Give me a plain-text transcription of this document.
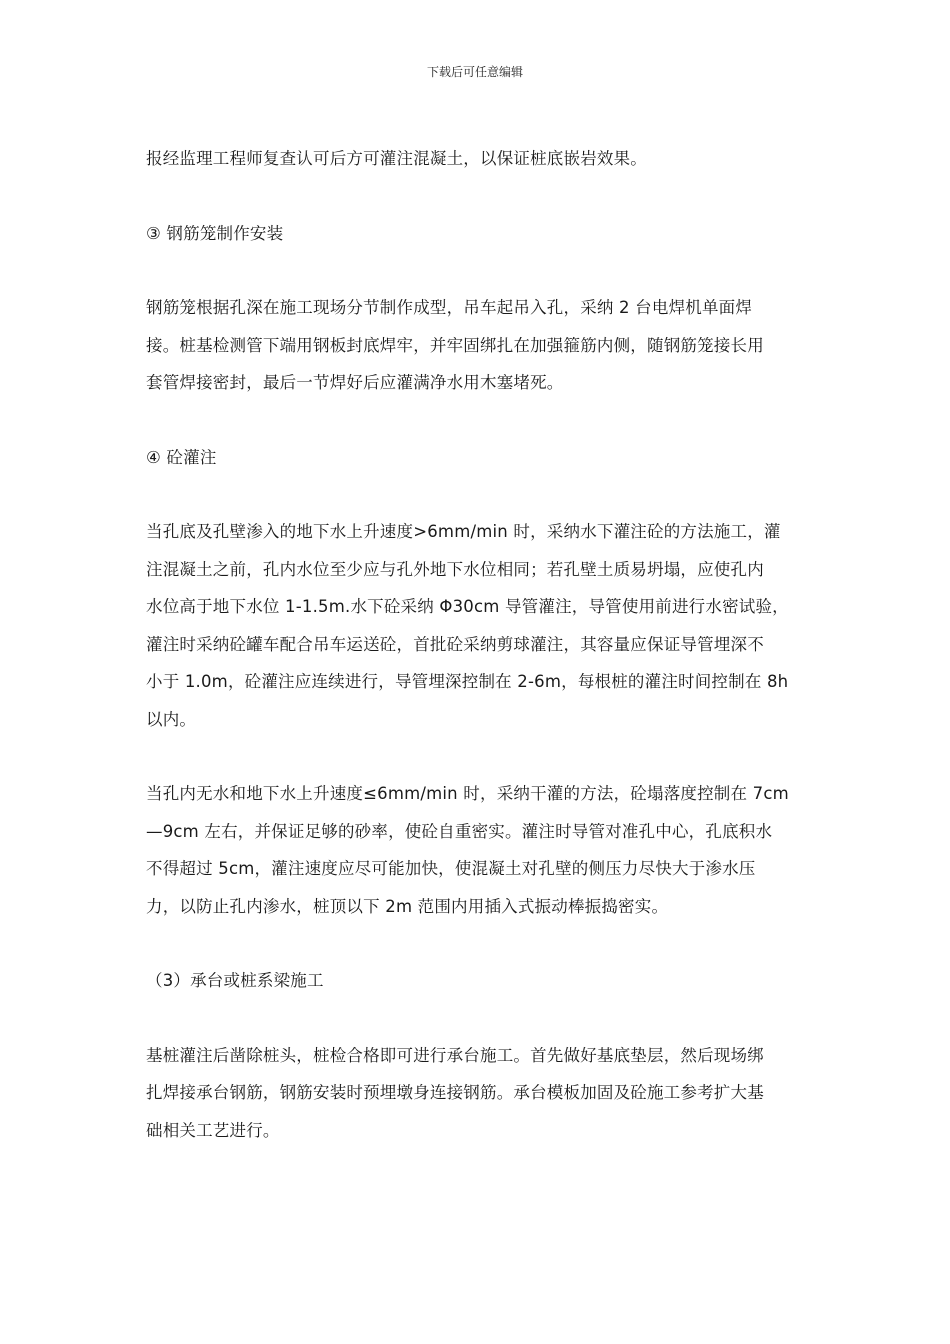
下载后可任意编辑

报经监理工程师复查认可后方可灌注混凝土，以保证桩底嵌岩效果。

③ 钢筋笼制作安装

钢筋笼根据孔深在施工现场分节制作成型，吊车起吊入孔，采纳 2 台电焊机单面焊
接。桩基检测管下端用钢板封底焊牢，并牢固绑扎在加强箍筋内侧，随钢筋笼接长用
套管焊接密封，最后一节焊好后应灌满净水用木塞堵死。

④ 砼灌注

当孔底及孔壁渗入的地下水上升速度>6mm/min 时，采纳水下灌注砼的方法施工，灌
注混凝土之前，孔内水位至少应与孔外地下水位相同；若孔壁土质易坍塌，应使孔内
水位高于地下水位 1-1.5m.水下砼采纳 Φ30cm 导管灌注，导管使用前进行水密试验，
灌注时采纳砼罐车配合吊车运送砼，首批砼采纳剪球灌注，其容量应保证导管埋深不
小于 1.0m，砼灌注应连续进行，导管埋深控制在 2-6m，每根桩的灌注时间控制在 8h
以内。

当孔内无水和地下水上升速度≤6mm/min 时，采纳干灌的方法，砼塌落度控制在 7cm
—9cm 左右，并保证足够的砂率，使砼自重密实。灌注时导管对准孔中心，孔底积水
不得超过 5cm，灌注速度应尽可能加快，使混凝土对孔壁的侧压力尽快大于渗水压
力，以防止孔内渗水，桩顶以下 2m 范围内用插入式振动棒振捣密实。

（3）承台或桩系梁施工

基桩灌注后凿除桩头，桩检合格即可进行承台施工。首先做好基底垫层，然后现场绑
扎焊接承台钢筋，钢筋安装时预埋墩身连接钢筋。承台模板加固及砼施工参考扩大基
础相关工艺进行。
